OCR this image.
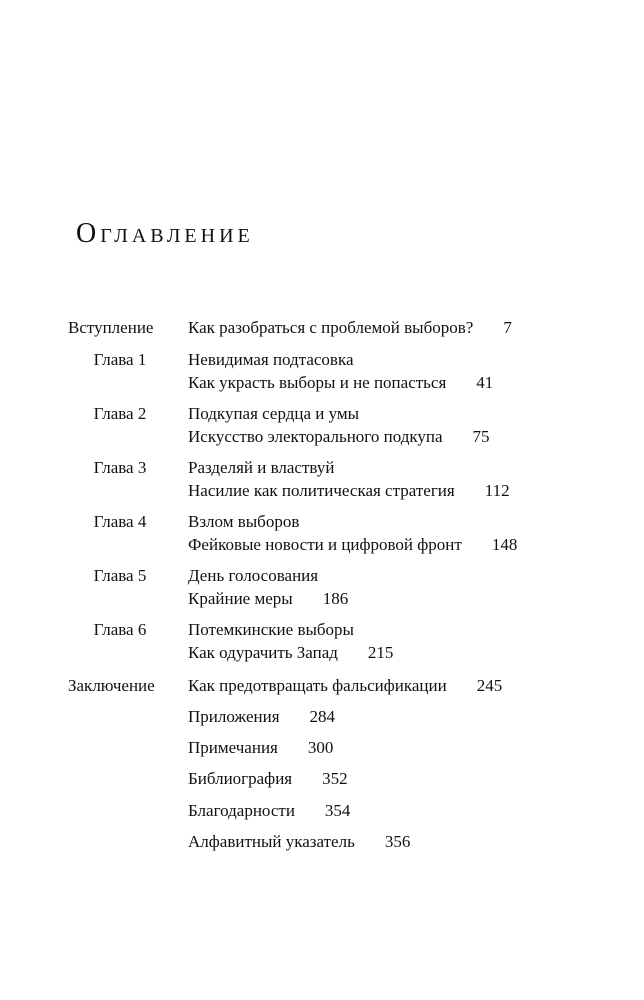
Оглавление
Вступление	Как разобраться с проблемой выборов? 7
Глава 1	Невидимая подтасовка
Как украсть выборы и не попасться 41
Глава 2	Подкупая сердца и умы
Искусство электорального подкупа 75
Глава 3	Разделяй и властвуй
Насилие как политическая стратегия 112
Глава 4	Взлом выборов
Фейковые новости и цифровой фронт 148
Глава 5	День голосования
Крайние меры 186
Глава 6	Потемкинские выборы
Как одурачить Запад 215
Заключение	Как предотвращать фальсификации 245
Приложения 284
Примечания 300
Библиография 352
Благодарности 354
Алфавитный указатель 356
